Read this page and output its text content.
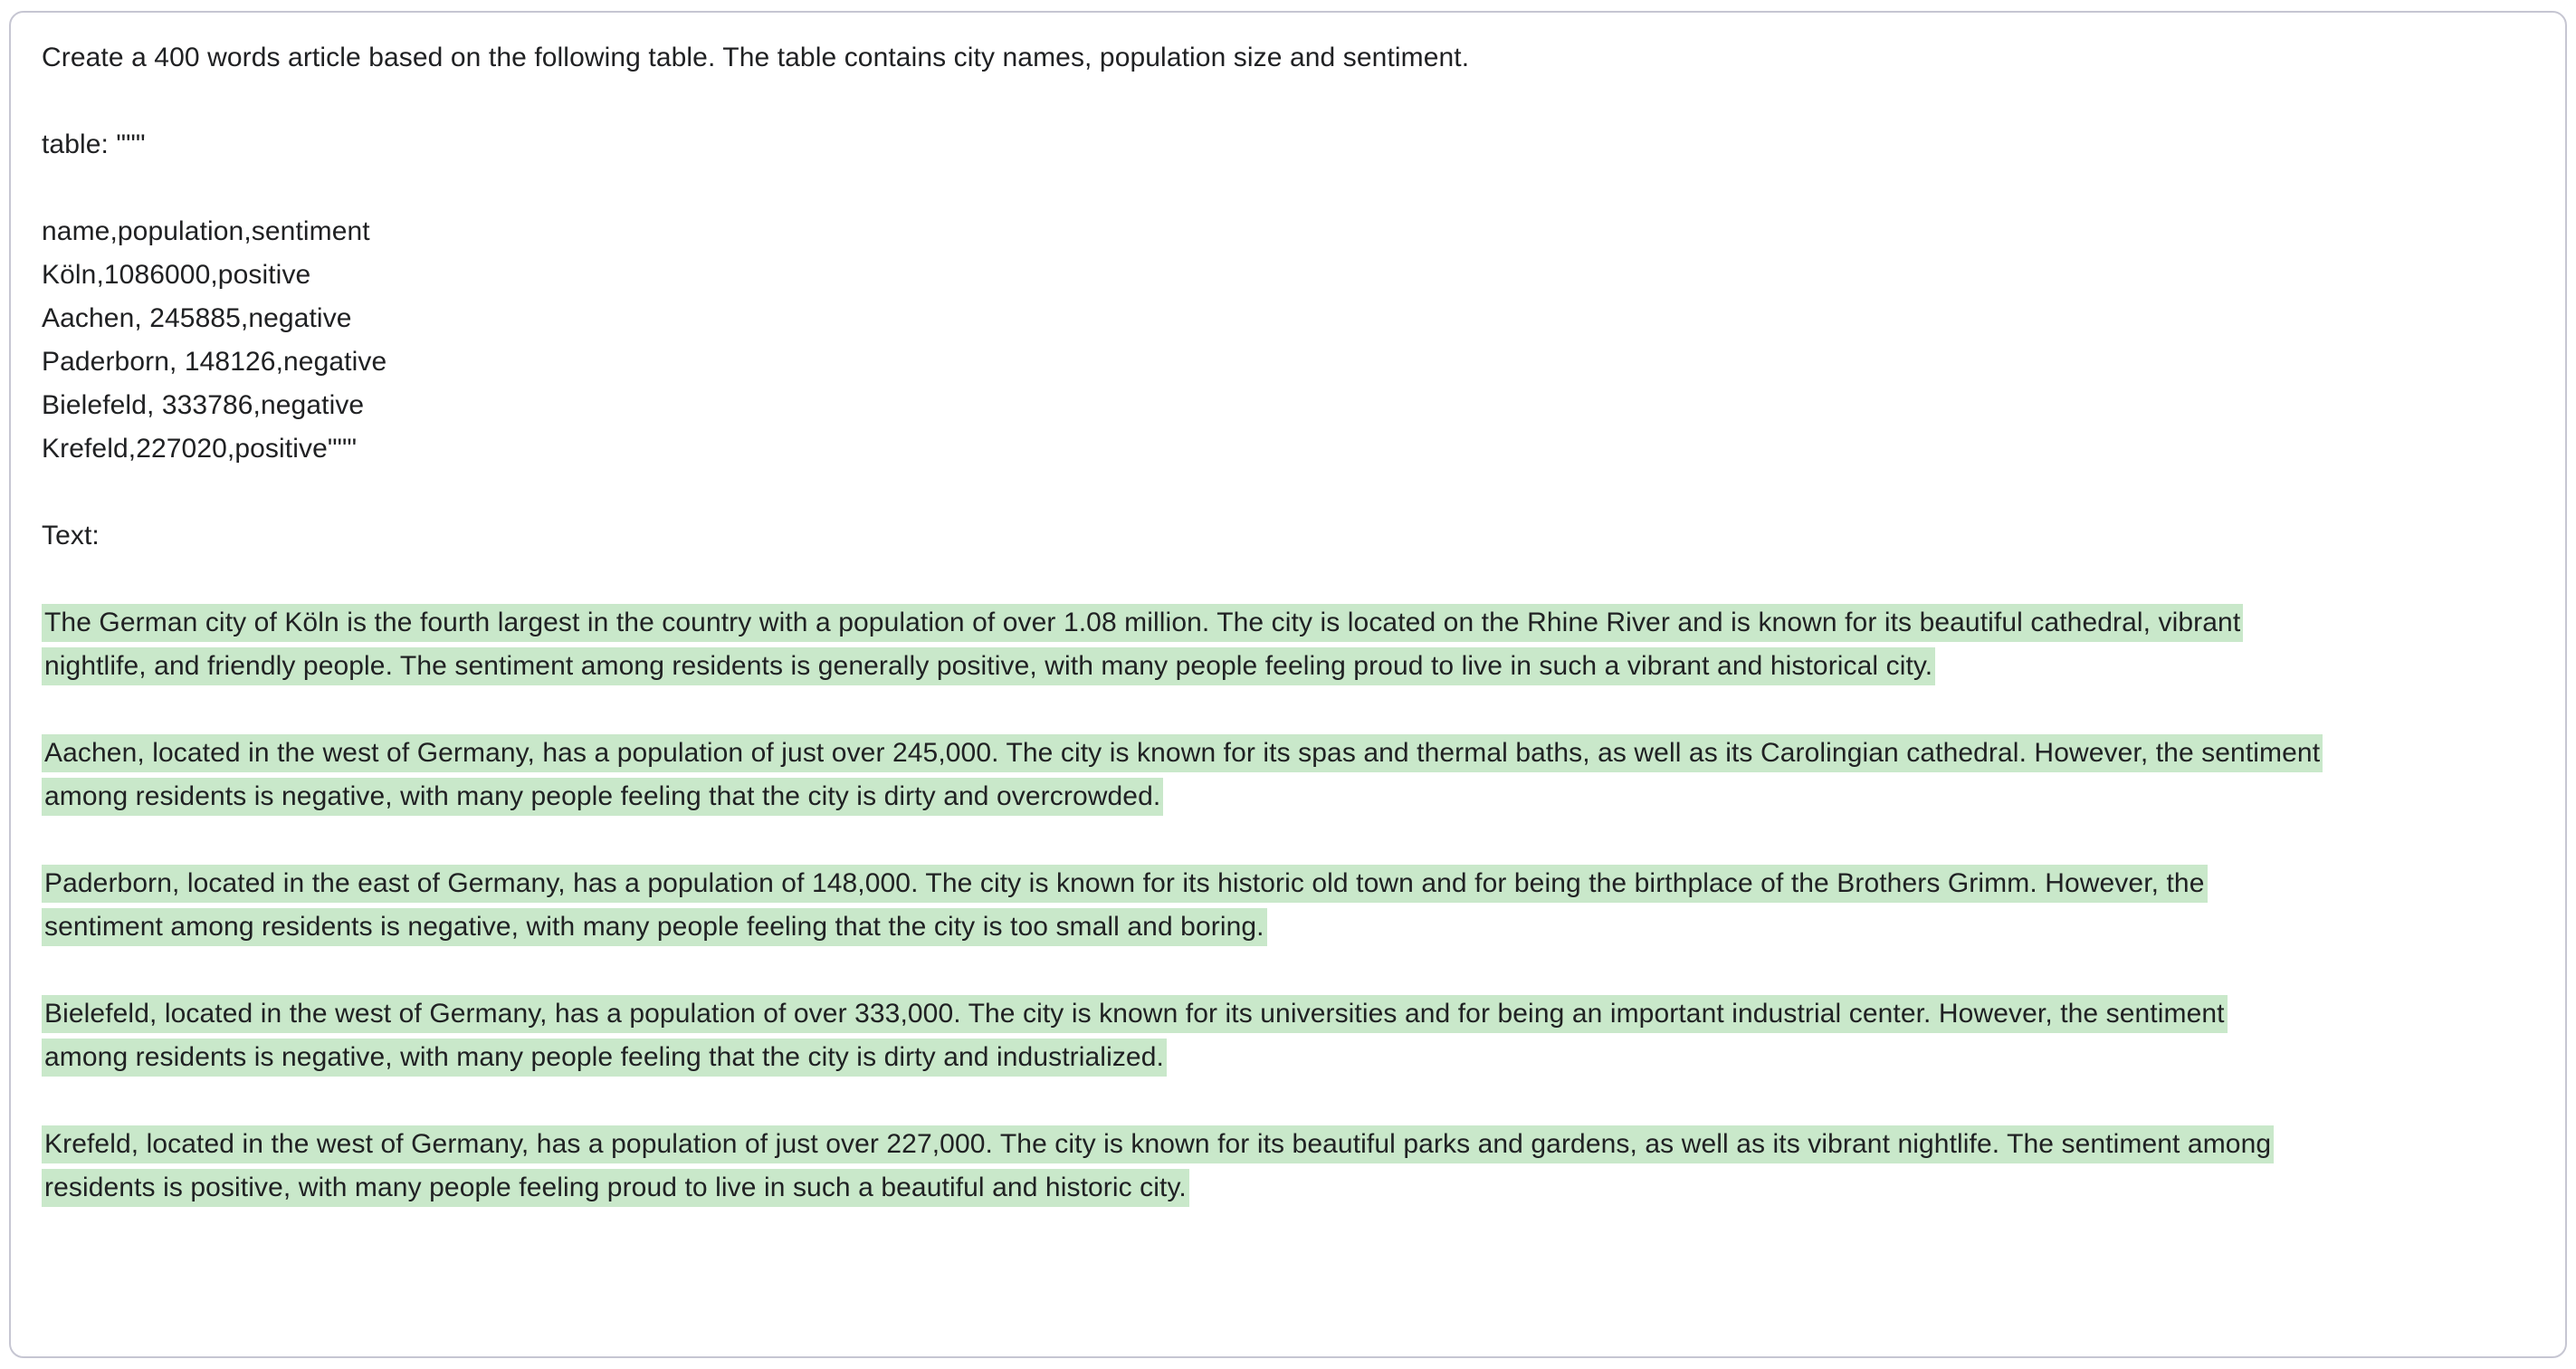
Create a 400 words article based on the following table. The table contains city names, population size and sentiment.
table: """
name,population,sentiment
Köln,1086000,positive
Aachen, 245885,negative
Paderborn, 148126,negative
Bielefeld, 333786,negative
Krefeld,227020,positive"""
Text:
The German city of Köln is the fourth largest in the country with a population of over 1.08 million. The city is located on the Rhine River and is known for its beautiful cathedral, vibrant
nightlife, and friendly people. The sentiment among residents is generally positive, with many people feeling proud to live in such a vibrant and historical city.
Aachen, located in the west of Germany, has a population of just over 245,000. The city is known for its spas and thermal baths, as well as its Carolingian cathedral. However, the sentiment
among residents is negative, with many people feeling that the city is dirty and overcrowded.
Paderborn, located in the east of Germany, has a population of 148,000. The city is known for its historic old town and for being the birthplace of the Brothers Grimm. However, the
sentiment among residents is negative, with many people feeling that the city is too small and boring.
Bielefeld, located in the west of Germany, has a population of over 333,000. The city is known for its universities and for being an important industrial center. However, the sentiment
among residents is negative, with many people feeling that the city is dirty and industrialized.
Krefeld, located in the west of Germany, has a population of just over 227,000. The city is known for its beautiful parks and gardens, as well as its vibrant nightlife. The sentiment among
residents is positive, with many people feeling proud to live in such a beautiful and historic city.
